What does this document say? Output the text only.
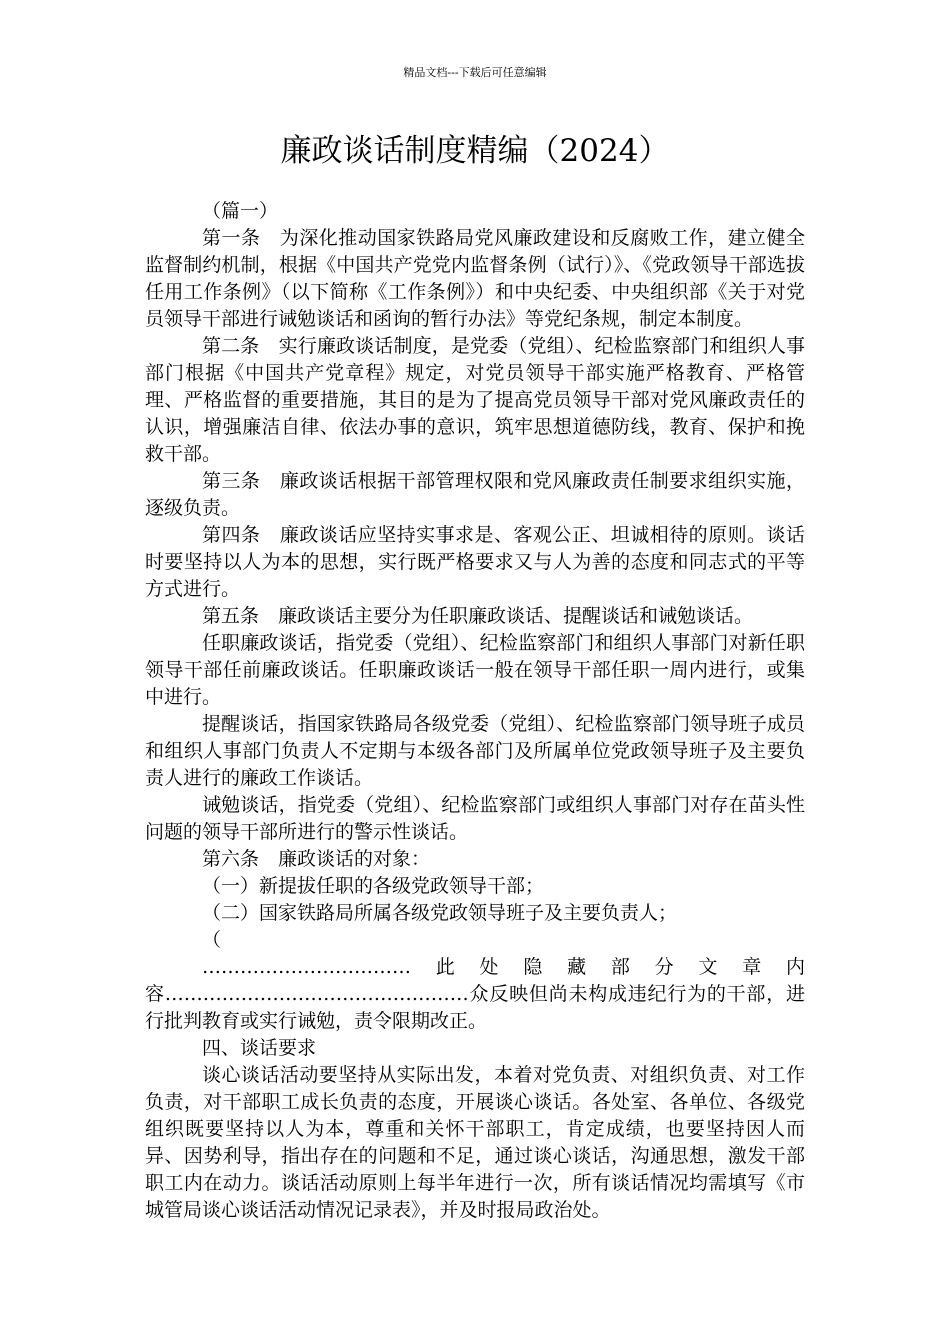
精品文档---下载后可任意编辑
廉政谈话制度精编（2024）

（篇一）

第一条　为深化推动国家铁路局党风廉政建设和反腐败工作，建立健全监督制约机制，根据《中国共产党党内监督条例（试行）》、《党政领导干部选拔任用工作条例》（以下简称《工作条例》）和中央纪委、中央组织部《关于对党员领导干部进行诫勉谈话和函询的暂行办法》等党纪条规，制定本制度。

第二条　实行廉政谈话制度，是党委（党组）、纪检监察部门和组织人事部门根据《中国共产党章程》规定，对党员领导干部实施严格教育、严格管理、严格监督的重要措施，其目的是为了提高党员领导干部对党风廉政责任的认识，增强廉洁自律、依法办事的意识，筑牢思想道德防线，教育、保护和挽救干部。

第三条　廉政谈话根据干部管理权限和党风廉政责任制要求组织实施，逐级负责。

第四条　廉政谈话应坚持实事求是、客观公正、坦诚相待的原则。谈话时要坚持以人为本的思想，实行既严格要求又与人为善的态度和同志式的平等方式进行。

第五条　廉政谈话主要分为任职廉政谈话、提醒谈话和诫勉谈话。

任职廉政谈话，指党委（党组）、纪检监察部门和组织人事部门对新任职领导干部任前廉政谈话。任职廉政谈话一般在领导干部任职一周内进行，或集中进行。

提醒谈话，指国家铁路局各级党委（党组）、纪检监察部门领导班子成员和组织人事部门负责人不定期与本级各部门及所属单位党政领导班子及主要负责人进行的廉政工作谈话。

诫勉谈话，指党委（党组）、纪检监察部门或组织人事部门对存在苗头性问题的领导干部所进行的警示性谈话。

第六条　廉政谈话的对象：

（一）新提拔任职的各级党政领导干部；

（二）国家铁路局所属各级党政领导班子及主要负责人；

（

……………………………此处隐藏部分文章内容…………………………………………众反映但尚未构成违纪行为的干部，进行批判教育或实行诫勉，责令限期改正。

四、谈话要求

谈心谈话活动要坚持从实际出发，本着对党负责、对组织负责、对工作负责，对干部职工成长负责的态度，开展谈心谈话。各处室、各单位、各级党组织既要坚持以人为本，尊重和关怀干部职工，肯定成绩，也要坚持因人而异、因势利导，指出存在的问题和不足，通过谈心谈话，沟通思想，激发干部职工内在动力。谈话活动原则上每半年进行一次，所有谈话情况均需填写《市城管局谈心谈话活动情况记录表》，并及时报局政治处。
